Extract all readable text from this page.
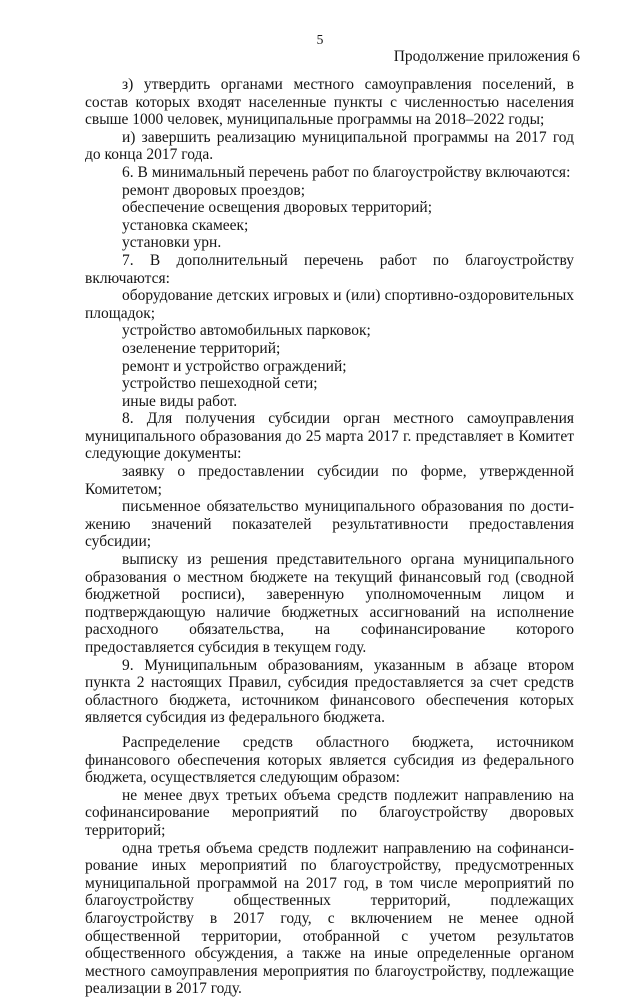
5
Продолжение приложения 6

з) утвердить органами местного самоуправления поселений, в состав которых входят населенные пункты с численностью населения свыше 1000 человек, муниципальные программы на 2018–2022 годы;

и) завершить реализацию муниципальной программы на 2017 год до конца 2017 года.

6. В минимальный перечень работ по благоустройству включаются:

ремонт дворовых проездов;

обеспечение освещения дворовых территорий;

установка скамеек;

установки урн.

7. В дополнительный перечень работ по благоустройству включаются:

оборудование детских игровых и (или) спортивно-оздоровительных площадок;

устройство автомобильных парковок;

озеленение территорий;

ремонт и устройство ограждений;

устройство пешеходной сети;

иные виды работ.

8. Для получения субсидии орган местного самоуправления муниципального образования до 25 марта 2017 г. представляет в Комитет следующие документы:

заявку о предоставлении субсидии по форме, утвержденной Комитетом;

письменное обязательство муниципального образования по достижению значений показателей результативности предоставления субсидии;

выписку из решения представительного органа муниципального образования о местном бюджете на текущий финансовый год (сводной бюджетной росписи), заверенную уполномоченным лицом и подтверждающую наличие бюджетных ассигнований на исполнение расходного обязательства, на софинансирование которого предоставляется субсидия в текущем году.

9. Муниципальным образованиям, указанным в абзаце втором пункта 2 настоящих Правил, субсидия предоставляется за счет средств областного бюджета, источником финансового обеспечения которых является субсидия из федерального бюджета.

Распределение средств областного бюджета, источником финансового обеспечения которых является субсидия из федерального бюджета, осуществляется следующим образом:

не менее двух третьих объема средств подлежит направлению на софинансирование мероприятий по благоустройству дворовых территорий;

одна третья объема средств подлежит направлению на софинансирование иных мероприятий по благоустройству, предусмотренных муниципальной программой на 2017 год, в том числе мероприятий по благоустройству общественных территорий, подлежащих благоустройству в 2017 году, с включением не менее одной общественной территории, отобранной с учетом результатов общественного обсуждения, а также на иные определенные органом местного самоуправления мероприятия по благоустройству, подлежащие реализации в 2017 году.
